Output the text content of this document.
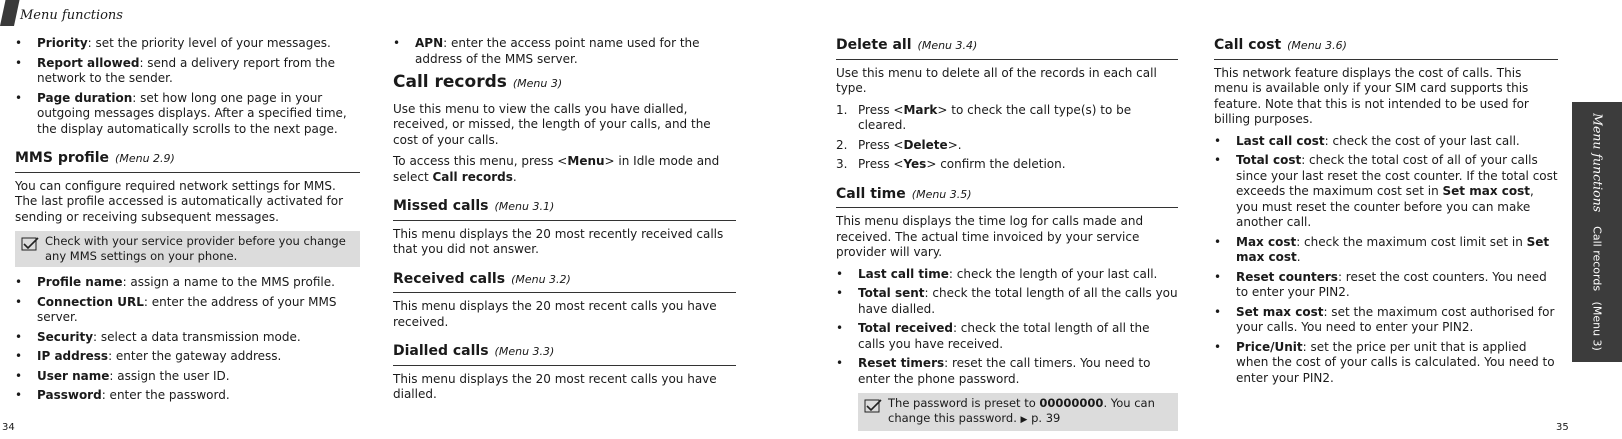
Menu functions
• Priority: set the priority level of your messages.
• Report allowed: send a delivery report from the network to the sender.
• Page duration: set how long one page in your outgoing messages displays. After a specified time, the display automatically scrolls to the next page.
MMS profile (Menu 2.9)

You can configure required network settings for MMS. The last profile accessed is automatically activated for sending or receiving subsequent messages.

Check with your service provider before you change any MMS settings on your phone.
• Profile name: assign a name to the MMS profile.
• Connection URL: enter the address of your MMS server.
• Security: select a data transmission mode.
• IP address: enter the gateway address.
• User name: assign the user ID.
• Password: enter the password.
• APN: enter the access point name used for the address of the MMS server.
Call records (Menu 3)

Use this menu to view the calls you have dialled, received, or missed, the length of your calls, and the cost of your calls.

To access this menu, press <Menu> in Idle mode and select Call records.

Missed calls (Menu 3.1)

This menu displays the 20 most recently received calls that you did not answer.

Received calls (Menu 3.2)

This menu displays the 20 most recent calls you have received.

Dialled calls (Menu 3.3)

This menu displays the 20 most recent calls you have dialled.

34
Delete all (Menu 3.4)

Use this menu to delete all of the records in each call type.

1. Press <Mark> to check the call type(s) to be cleared.
2. Press <Delete>.
3. Press <Yes> confirm the deletion.
Call time (Menu 3.5)

This menu displays the time log for calls made and received. The actual time invoiced by your service provider will vary.

• Last call time: check the length of your last call.
• Total sent: check the total length of all the calls you have dialled.
• Total received: check the total length of all the calls you have received.
• Reset timers: reset the call timers. You need to enter the phone password.
The password is preset to 00000000. You can change this password. ▶ p. 39
Call cost (Menu 3.6)

This network feature displays the cost of calls. This menu is available only if your SIM card supports this feature. Note that this is not intended to be used for billing purposes.

• Last call cost: check the cost of your last call.
• Total cost: check the total cost of all of your calls since your last reset the cost counter. If the total cost exceeds the maximum cost set in Set max cost, you must reset the counter before you can make another call.
• Max cost: check the maximum cost limit set in Set max cost.
• Reset counters: reset the cost counters. You need to enter your PIN2.
• Set max cost: set the maximum cost authorised for your calls. You need to enter your PIN2.
• Price/Unit: set the price per unit that is applied when the cost of your calls is calculated. You need to enter your PIN2.
Menu functionsCall records   (Menu 3)
35
